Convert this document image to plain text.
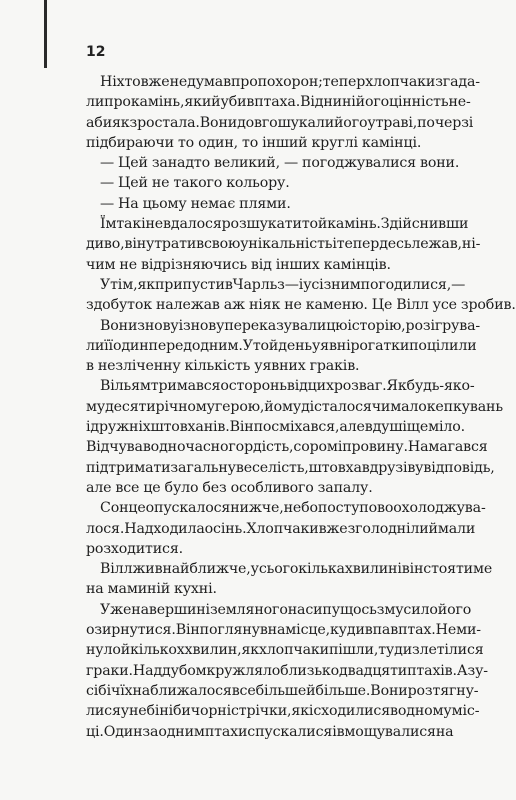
12
Ніхто вже не думав про похорон; тепер хлопчаки згада-
ли про камінь, який убив птаха. Віднині його цінність не-
абияк зростала. Вони довго шукали його у траві, по черзі
підбираючи то один, то інший круглі камінці.
— Цей занадто великий, — погоджувалися вони.
— Цей не такого кольору.
— На цьому немає плями.
Їм так і не вдалося розшукати той камінь. Здійснивши
диво, він утратив свою унікальність і тепер десь лежав, ні-
чим не відрізняючись від інших камінців.
Утім, як припустив Чарльз — і усі з ним погодилися, —
здобуток належав аж ніяк не каменю. Це Вілл усе зробив.
Вони знову і знову переказували цю історію, розігрува-
ли її один перед одним. У той день уявні рогатки поцілили
в незліченну кількість уявних граків.
Вільям тримався осторонь від цих розваг. Як будь-яко-
му десятирічному герою, йому дісталося чимало кепкувань
і дружніх штовханів. Він посміхався, але в душі щеміло.
Відчував одночасно гордість, сором і провину. Намагався
підтримати загальну веселість, штовхав друзів у відповідь,
але все це було без особливого запалу.
Сонце опускалося нижче, небо поступово охолоджува-
лося. Надходила осінь. Хлопчаки вже зголодніли й мали
розходитися.
Вілл жив найближче, усього кілька хвилин і він стоятиме
на маминій кухні.
Уже на вершині земляного насипу щось змусило його
озирнутися. Він поглянув на місце, куди впав птах. Не ми-
нуло й кількох хвилин, як хлопчаки пішли, туди злетілися
граки. Над дубом кружляло близько двадцяти птахів. А зу-
сібіч їх наближалося все більше й більше. Вони розтягну-
лися у небі ніби чорні стрічки, які сходилися в одному міс-
ці. Один за одним птахи спускалися і вмощувалися на
